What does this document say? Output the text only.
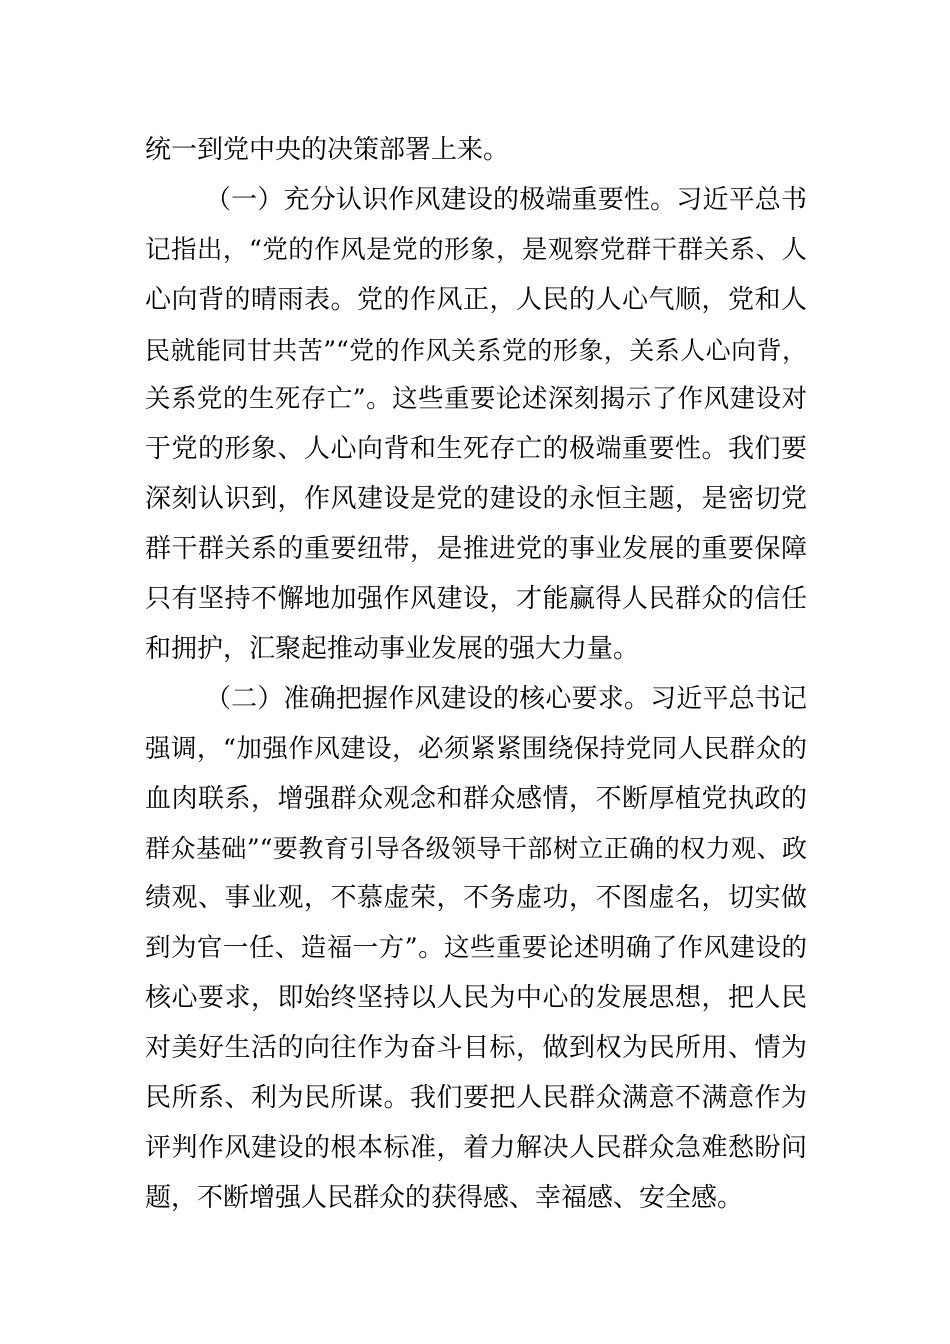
统一到党中央的决策部署上来。
（一）充分认识作风建设的极端重要性。习近平总书
记指出，“党的作风是党的形象，是观察党群干群关系、人
心向背的晴雨表。党的作风正，人民的人心气顺，党和人
民就能同甘共苦”“党的作风关系党的形象，关系人心向背，
关系党的生死存亡”。这些重要论述深刻揭示了作风建设对
于党的形象、人心向背和生死存亡的极端重要性。我们要
深刻认识到，作风建设是党的建设的永恒主题，是密切党
群干群关系的重要纽带，是推进党的事业发展的重要保障
只有坚持不懈地加强作风建设，才能赢得人民群众的信任
和拥护，汇聚起推动事业发展的强大力量。
（二）准确把握作风建设的核心要求。习近平总书记
强调，“加强作风建设，必须紧紧围绕保持党同人民群众的
血肉联系，增强群众观念和群众感情，不断厚植党执政的
群众基础”“要教育引导各级领导干部树立正确的权力观、政
绩观、事业观，不慕虚荣，不务虚功，不图虚名，切实做
到为官一任、造福一方”。这些重要论述明确了作风建设的
核心要求，即始终坚持以人民为中心的发展思想，把人民
对美好生活的向往作为奋斗目标，做到权为民所用、情为
民所系、利为民所谋。我们要把人民群众满意不满意作为
评判作风建设的根本标准，着力解决人民群众急难愁盼问
题，不断增强人民群众的获得感、幸福感、安全感。
